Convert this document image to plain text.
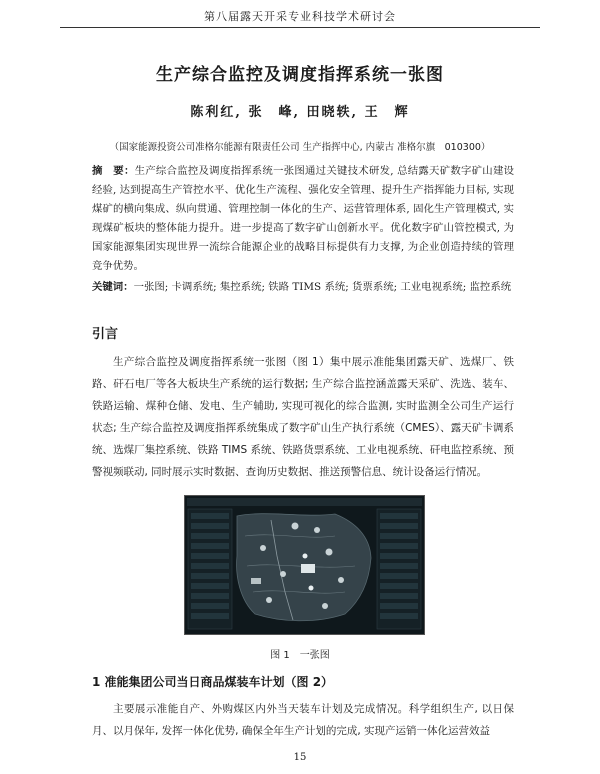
第八届露天开采专业科技学术研讨会
生产综合监控及调度指挥系统一张图
陈利红, 张　峰, 田晓轶, 王　辉
（国家能源投资公司准格尔能源有限责任公司 生产指挥中心, 内蒙古 准格尔旗　010300）

摘　要：生产综合监控及调度指挥系统一张图通过关键技术研发, 总结露天矿数字矿山建设经验, 达到提高生产管控水平、优化生产流程、强化安全管理、提升生产指挥能力目标, 实现煤矿的横向集成、纵向贯通、管理控制一体化的生产、运营管理体系, 固化生产管理模式, 实现煤矿板块的整体能力提升。进一步提高了数字矿山创新水平。优化数字矿山管控模式, 为国家能源集团实现世界一流综合能源企业的战略目标提供有力支撑, 为企业创造持续的管理竞争优势。

关键词：一张图; 卡调系统; 集控系统; 铁路 TIMS 系统; 货票系统; 工业电视系统; 监控系统

引言

生产综合监控及调度指挥系统一张图（图 1）集中展示准能集团露天矿、选煤厂、铁路、矸石电厂等各大板块生产系统的运行数据; 生产综合监控涵盖露天采矿、洗选、装车、铁路运输、煤种仓储、发电、生产辅助, 实现可视化的综合监测, 实时监测全公司生产运行状态; 生产综合监控及调度指挥系统集成了数字矿山生产执行系统（CMES）、露天矿卡调系统、选煤厂集控系统、铁路 TIMS 系统、铁路货票系统、工业电视系统、矸电监控系统、预警视频联动, 同时展示实时数据、查询历史数据、推送预警信息、统计设备运行情况。

图 1　一张图
1 准能集团公司当日商品煤装车计划（图 2）

主要展示准能自产、外购煤区内外当天装车计划及完成情况。科学组织生产, 以日保月、以月保年, 发挥一体化优势, 确保全年生产计划的完成, 实现产运销一体化运营效益

15
